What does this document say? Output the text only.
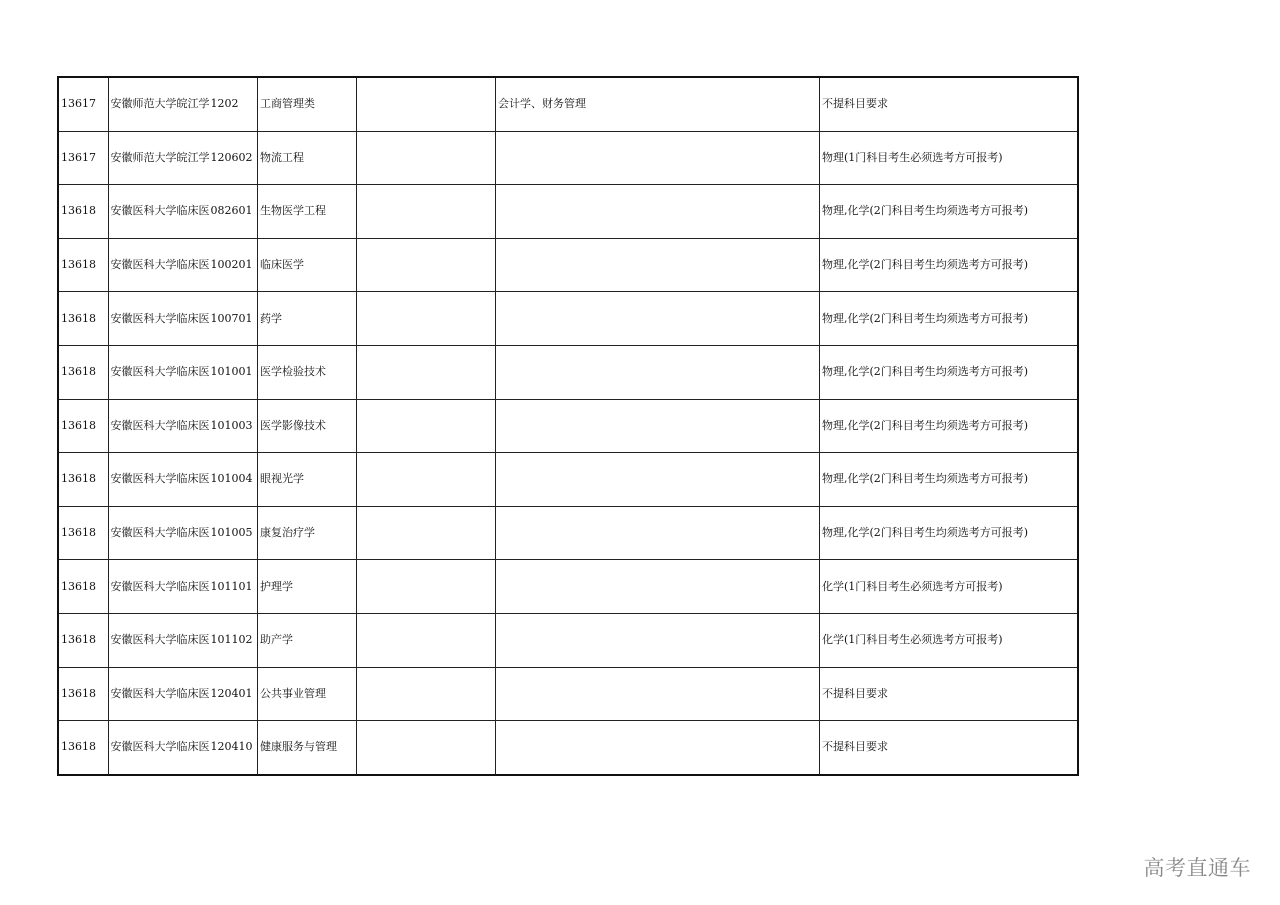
13617	安徽师范大学皖江学	1202	工商管理类		会计学、财务管理	不提科目要求
13617	安徽师范大学皖江学	120602	物流工程			物理(1门科目考生必须选考方可报考)
13618	安徽医科大学临床医	082601	生物医学工程			物理,化学(2门科目考生均须选考方可报考)
13618	安徽医科大学临床医	100201	临床医学			物理,化学(2门科目考生均须选考方可报考)
13618	安徽医科大学临床医	100701	药学			物理,化学(2门科目考生均须选考方可报考)
13618	安徽医科大学临床医	101001	医学检验技术			物理,化学(2门科目考生均须选考方可报考)
13618	安徽医科大学临床医	101003	医学影像技术			物理,化学(2门科目考生均须选考方可报考)
13618	安徽医科大学临床医	101004	眼视光学			物理,化学(2门科目考生均须选考方可报考)
13618	安徽医科大学临床医	101005	康复治疗学			物理,化学(2门科目考生均须选考方可报考)
13618	安徽医科大学临床医	101101	护理学			化学(1门科目考生必须选考方可报考)
13618	安徽医科大学临床医	101102	助产学			化学(1门科目考生必须选考方可报考)
13618	安徽医科大学临床医	120401	公共事业管理			不提科目要求
13618	安徽医科大学临床医	120410	健康服务与管理			不提科目要求
高考直通车
